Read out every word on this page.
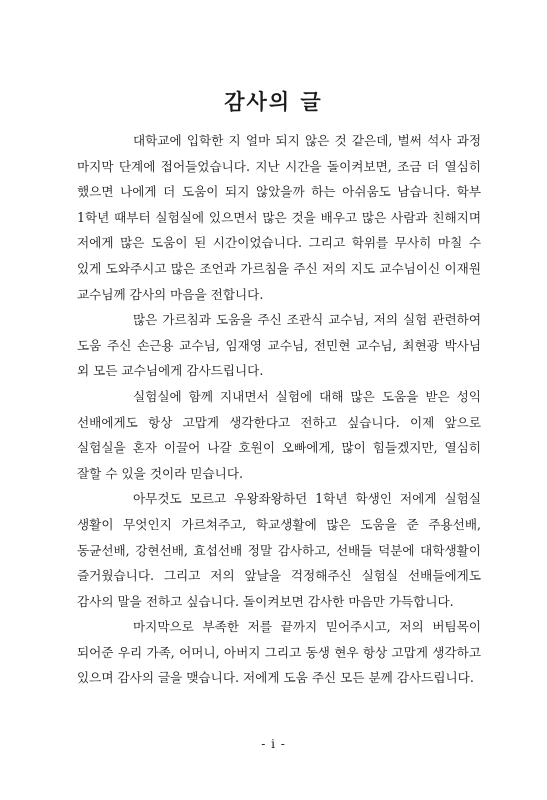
감사의 글

대학교에 입학한 지 얼마 되지 않은 것 같은데, 벌써 석사 과정 마지막 단계에 접어들었습니다. 지난 시간을 돌이켜보면, 조금 더 열심히 했으면 나에게 더 도움이 되지 않았을까 하는 아쉬움도 남습니다. 학부 1학년 때부터 실험실에 있으면서 많은 것을 배우고 많은 사람과 친해지며 저에게 많은 도움이 된 시간이었습니다. 그리고 학위를 무사히 마칠 수 있게 도와주시고 많은 조언과 가르침을 주신 저의 지도 교수님이신 이재원 교수님께 감사의 마음을 전합니다.

많은 가르침과 도움을 주신 조관식 교수님, 저의 실험 관련하여 도움 주신 손근용 교수님, 임재영 교수님, 전민현 교수님, 최현광 박사님 외 모든 교수님에게 감사드립니다.

실험실에 함께 지내면서 실험에 대해 많은 도움을 받은 성익 선배에게도 항상 고맙게 생각한다고 전하고 싶습니다. 이제 앞으로 실험실을 혼자 이끌어 나갈 호원이 오빠에게, 많이 힘들겠지만, 열심히 잘할 수 있을 것이라 믿습니다.

아무것도 모르고 우왕좌왕하던 1학년 학생인 저에게 실험실 생활이 무엇인지 가르쳐주고, 학교생활에 많은 도움을 준 주용선배, 동균선배, 강현선배, 효섭선배 정말 감사하고, 선배들 덕분에 대학생활이 즐거웠습니다. 그리고 저의 앞날을 걱정해주신 실험실 선배들에게도 감사의 말을 전하고 싶습니다. 돌이켜보면 감사한 마음만 가득합니다.

마지막으로 부족한 저를 끝까지 믿어주시고, 저의 버팀목이 되어준 우리 가족, 어머니, 아버지 그리고 동생 현우 항상 고맙게 생각하고 있으며 감사의 글을 맺습니다. 저에게 도움 주신 모든 분께 감사드립니다.

- i -
